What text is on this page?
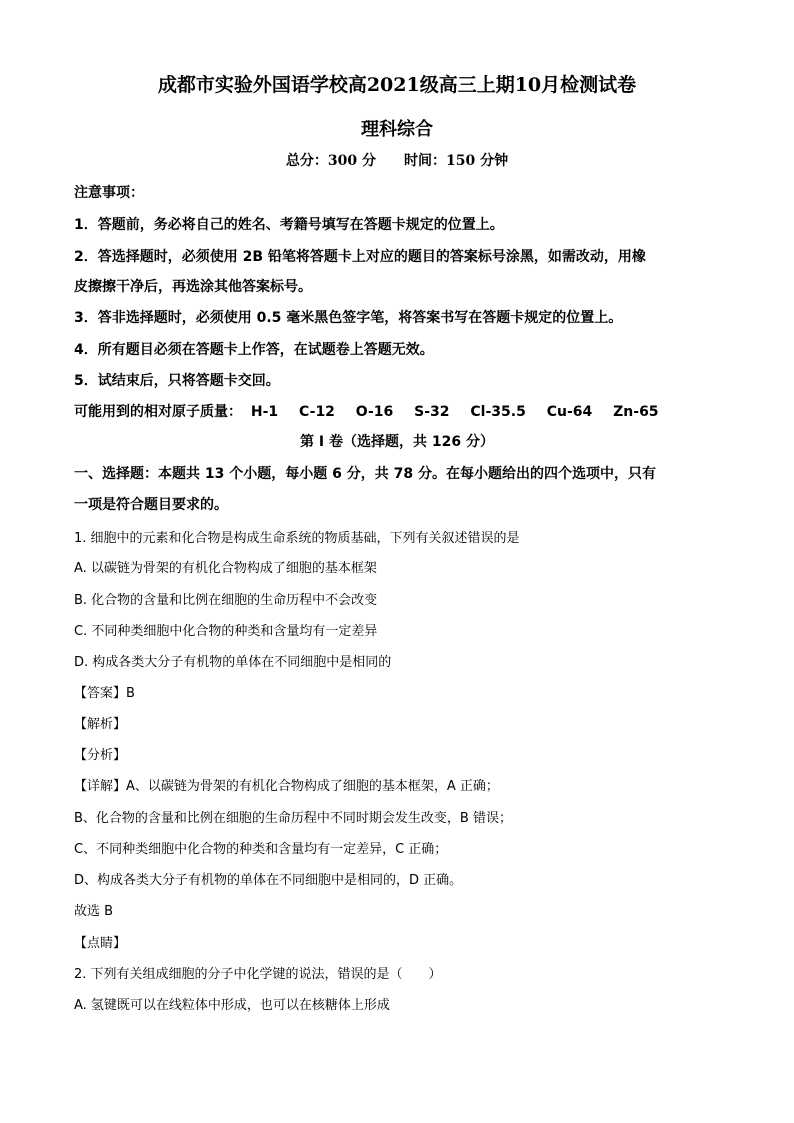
成都市实验外国语学校高2021级高三上期10月检测试卷
理科综合
总分：300 分　　时间：150 分钟
注意事项：
1．答题前，务必将自己的姓名、考籍号填写在答题卡规定的位置上。
2．答选择题时，必须使用 2B 铅笔将答题卡上对应的题目的答案标号涂黑，如需改动，用橡
皮擦擦干净后，再选涂其他答案标号。
3．答非选择题时，必须使用 0.5 毫米黑色签字笔，将答案书写在答题卡规定的位置上。
4．所有题目必须在答题卡上作答，在试题卷上答题无效。
5．试结束后，只将答题卡交回。
可能用到的相对原子质量： H-1 C-12 O-16 S-32 Cl-35.5 Cu-64 Zn-65
第 I 卷（选择题，共 126 分）
一、选择题：本题共 13 个小题，每小题 6 分，共 78 分。在每小题给出的四个选项中，只有
一项是符合题目要求的。
1. 细胞中的元素和化合物是构成生命系统的物质基础，下列有关叙述错误的是
A. 以碳链为骨架的有机化合物构成了细胞的基本框架
B. 化合物的含量和比例在细胞的生命历程中不会改变
C. 不同种类细胞中化合物的种类和含量均有一定差异
D. 构成各类大分子有机物的单体在不同细胞中是相同的
【答案】B
【解析】
【分析】
【详解】A、以碳链为骨架的有机化合物构成了细胞的基本框架，A 正确；
B、化合物的含量和比例在细胞的生命历程中不同时期会发生改变，B 错误；
C、不同种类细胞中化合物的种类和含量均有一定差异，C 正确；
D、构成各类大分子有机物的单体在不同细胞中是相同的，D 正确。
故选 B
【点睛】
2. 下列有关组成细胞的分子中化学键的说法，错误的是（　　）
A. 氢键既可以在线粒体中形成，也可以在核糖体上形成
